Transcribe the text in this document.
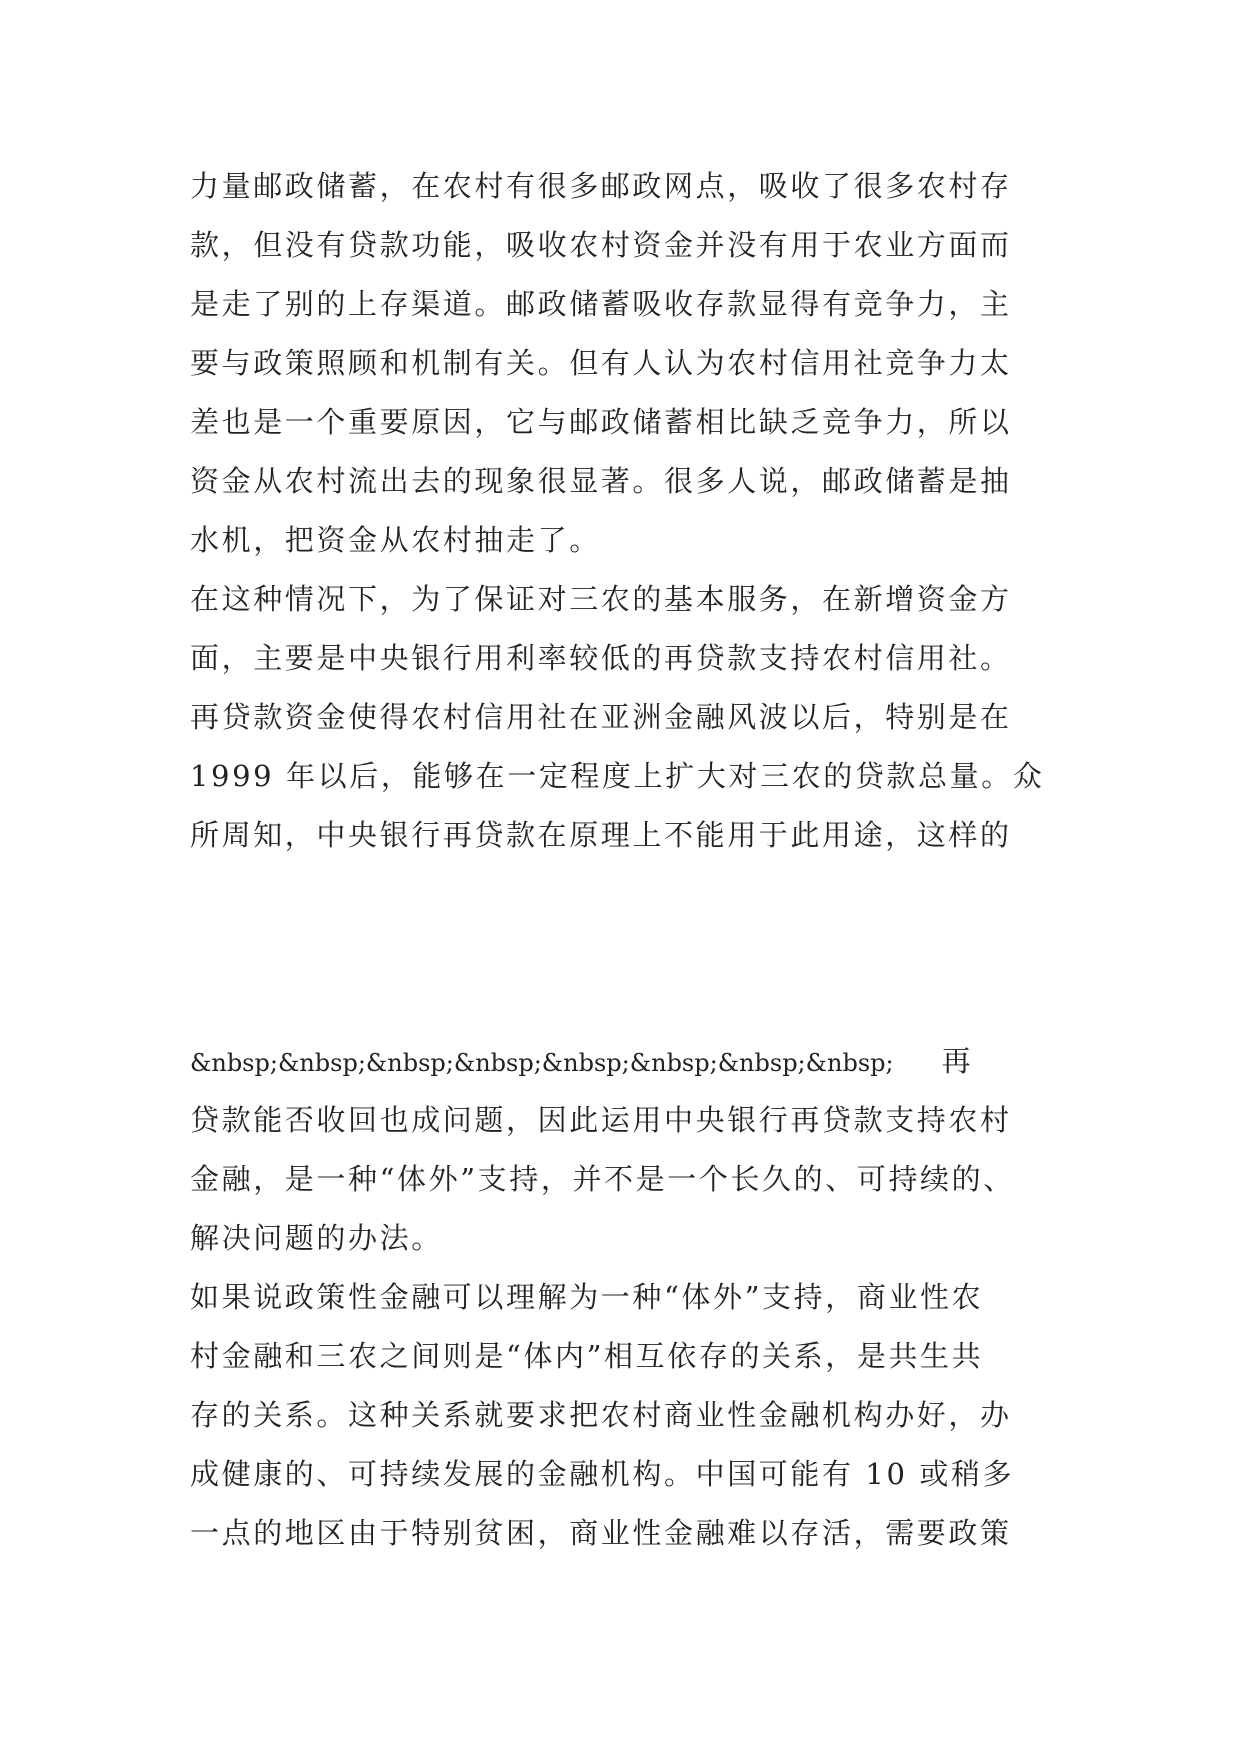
力量邮政储蓄，在农村有很多邮政网点，吸收了很多农村存
款，但没有贷款功能，吸收农村资金并没有用于农业方面而
是走了别的上存渠道。邮政储蓄吸收存款显得有竞争力，主
要与政策照顾和机制有关。但有人认为农村信用社竞争力太
差也是一个重要原因，它与邮政储蓄相比缺乏竞争力，所以
资金从农村流出去的现象很显著。很多人说，邮政储蓄是抽
水机，把资金从农村抽走了。
在这种情况下，为了保证对三农的基本服务，在新增资金方
面，主要是中央银行用利率较低的再贷款支持农村信用社。
再贷款资金使得农村信用社在亚洲金融风波以后，特别是在
1999 年以后，能够在一定程度上扩大对三农的贷款总量。众
所周知，中央银行再贷款在原理上不能用于此用途，这样的
&nbsp;&nbsp;&nbsp;&nbsp;&nbsp;&nbsp;&nbsp;&nbsp; 再
贷款能否收回也成问题，因此运用中央银行再贷款支持农村
金融，是一种“体外”支持，并不是一个长久的、可持续的、
解决问题的办法。
如果说政策性金融可以理解为一种“体外”支持，商业性农
村金融和三农之间则是“体内”相互依存的关系，是共生共
存的关系。这种关系就要求把农村商业性金融机构办好，办
成健康的、可持续发展的金融机构。中国可能有 10 或稍多
一点的地区由于特别贫困，商业性金融难以存活，需要政策
